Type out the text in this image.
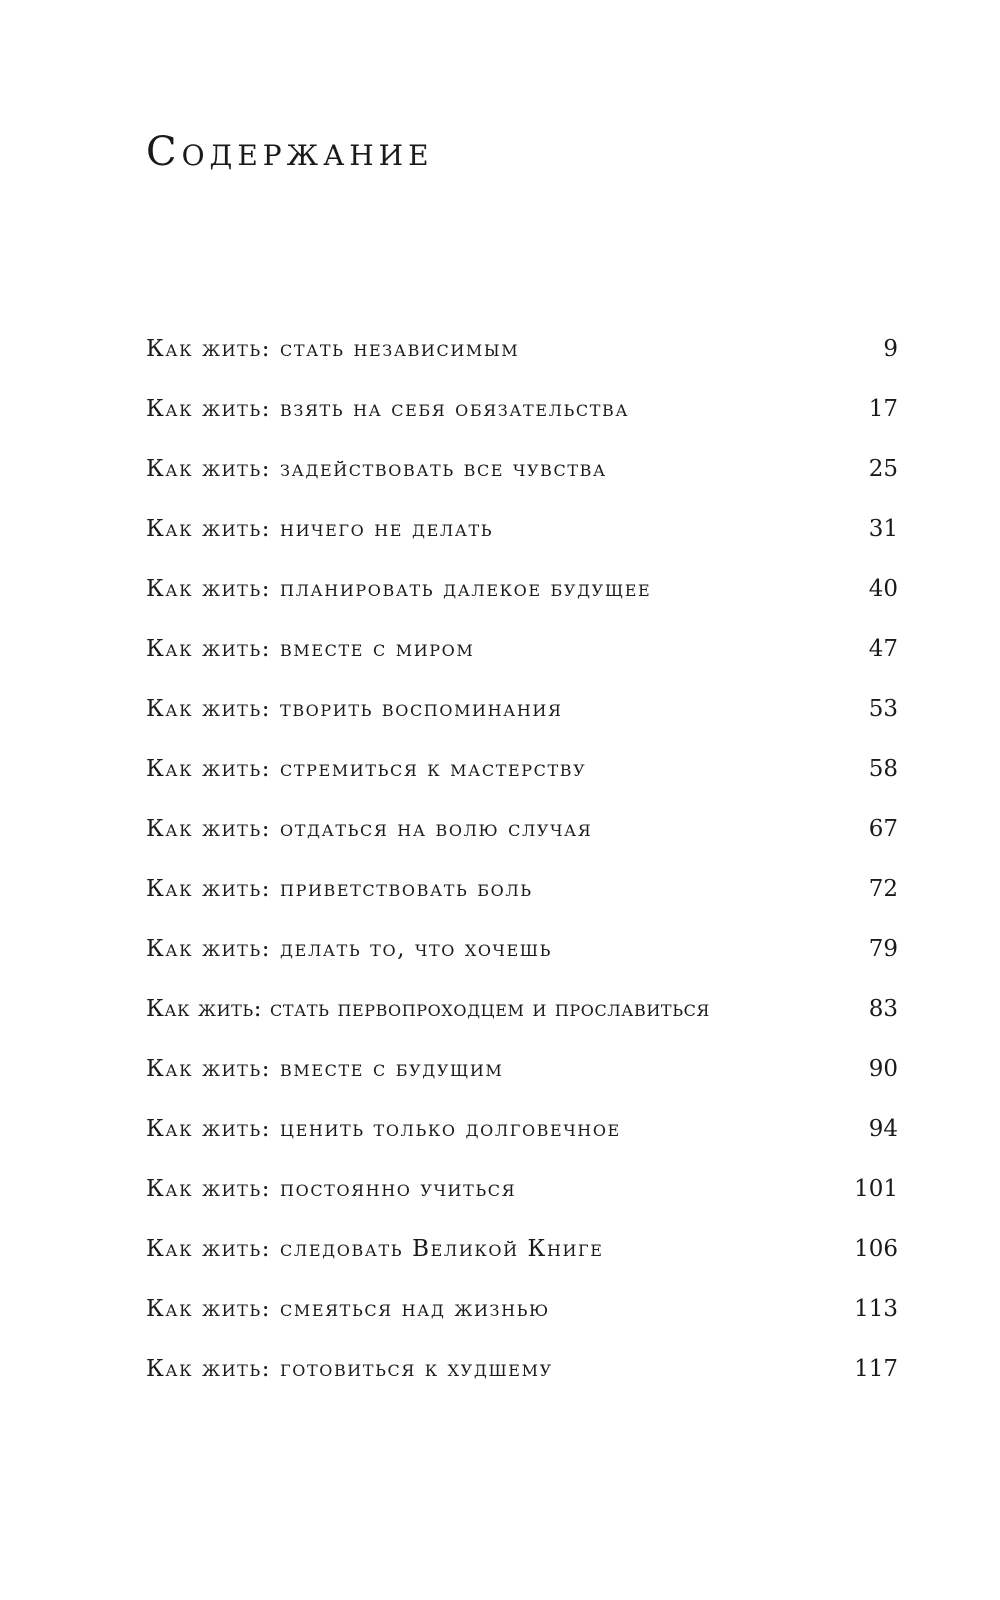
Содержание
Как жить: стать независимым	9
Как жить: взять на себя обязательства	17
Как жить: задействовать все чувства	25
Как жить: ничего не делать	31
Как жить: планировать далекое будущее	40
Как жить: вместе с миром	47
Как жить: творить воспоминания	53
Как жить: стремиться к мастерству	58
Как жить: отдаться на волю случая	67
Как жить: приветствовать боль	72
Как жить: делать то, что хочешь	79
Как жить: стать первопроходцем и прославиться	83
Как жить: вместе с будущим	90
Как жить: ценить только долговечное	94
Как жить: постоянно учиться	101
Как жить: следовать Великой Книге	106
Как жить: смеяться над жизнью	113
Как жить: готовиться к худшему	117
